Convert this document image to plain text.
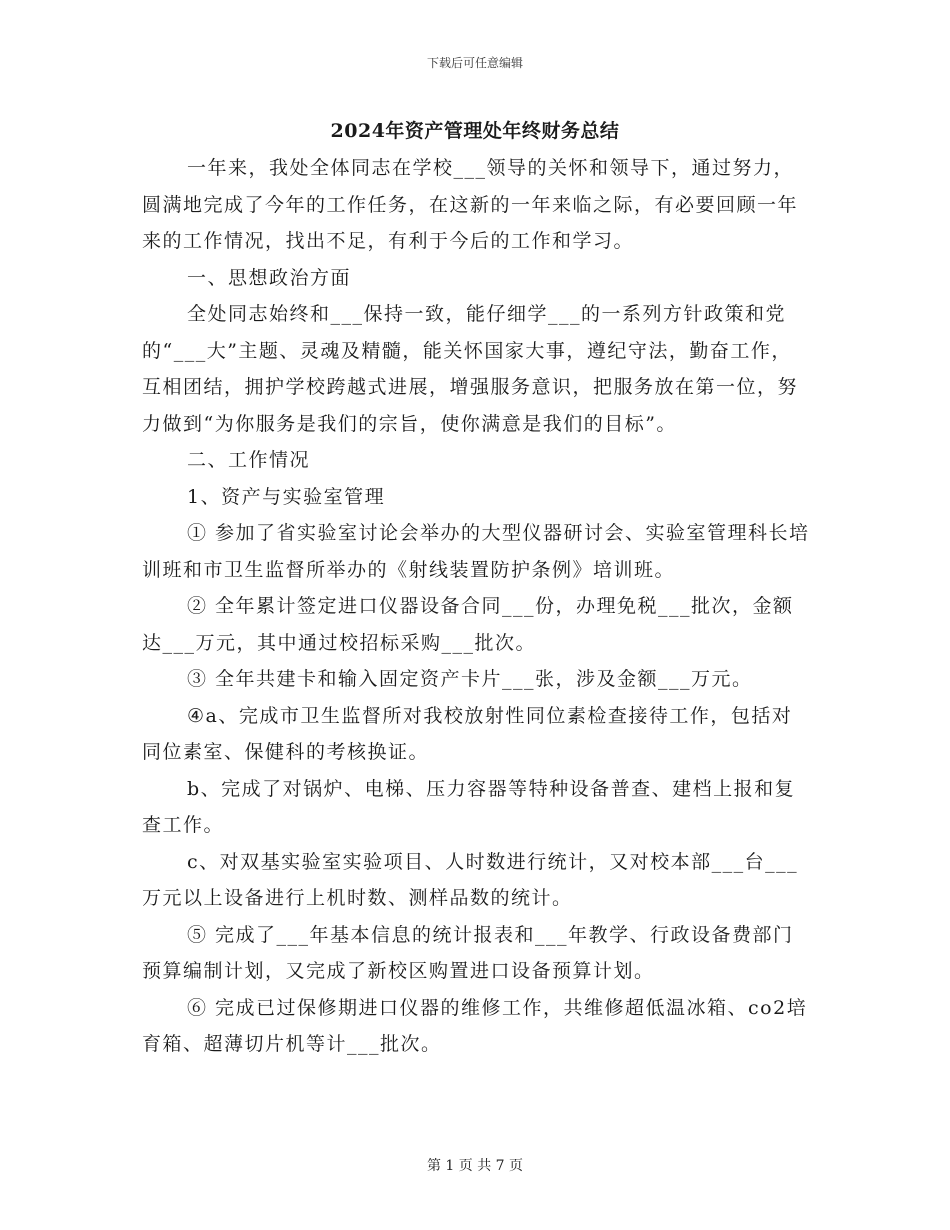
下载后可任意编辑
2024年资产管理处年终财务总结

一年来，我处全体同志在学校___领导的关怀和领导下，通过努力，圆满地完成了今年的工作任务，在这新的一年来临之际，有必要回顾一年来的工作情况，找出不足，有利于今后的工作和学习。

一、思想政治方面

全处同志始终和___保持一致，能仔细学___的一系列方针政策和党的“___大”主题、灵魂及精髓，能关怀国家大事，遵纪守法，勤奋工作，互相团结，拥护学校跨越式进展，增强服务意识，把服务放在第一位，努力做到“为你服务是我们的宗旨，使你满意是我们的目标”。

二、工作情况

1、资产与实验室管理

① 参加了省实验室讨论会举办的大型仪器研讨会、实验室管理科长培训班和市卫生监督所举办的《射线装置防护条例》培训班。

② 全年累计签定进口仪器设备合同___份，办理免税___批次，金额达___万元，其中通过校招标采购___批次。

③ 全年共建卡和输入固定资产卡片___张，涉及金额___万元。

④a、完成市卫生监督所对我校放射性同位素检查接待工作，包括对同位素室、保健科的考核换证。

b、完成了对锅炉、电梯、压力容器等特种设备普查、建档上报和复查工作。

c、对双基实验室实验项目、人时数进行统计，又对校本部___台___万元以上设备进行上机时数、测样品数的统计。

⑤ 完成了___年基本信息的统计报表和___年教学、行政设备费部门预算编制计划，又完成了新校区购置进口设备预算计划。

⑥ 完成已过保修期进口仪器的维修工作，共维修超低温冰箱、co2培育箱、超薄切片机等计___批次。

第 1 页 共 7 页
